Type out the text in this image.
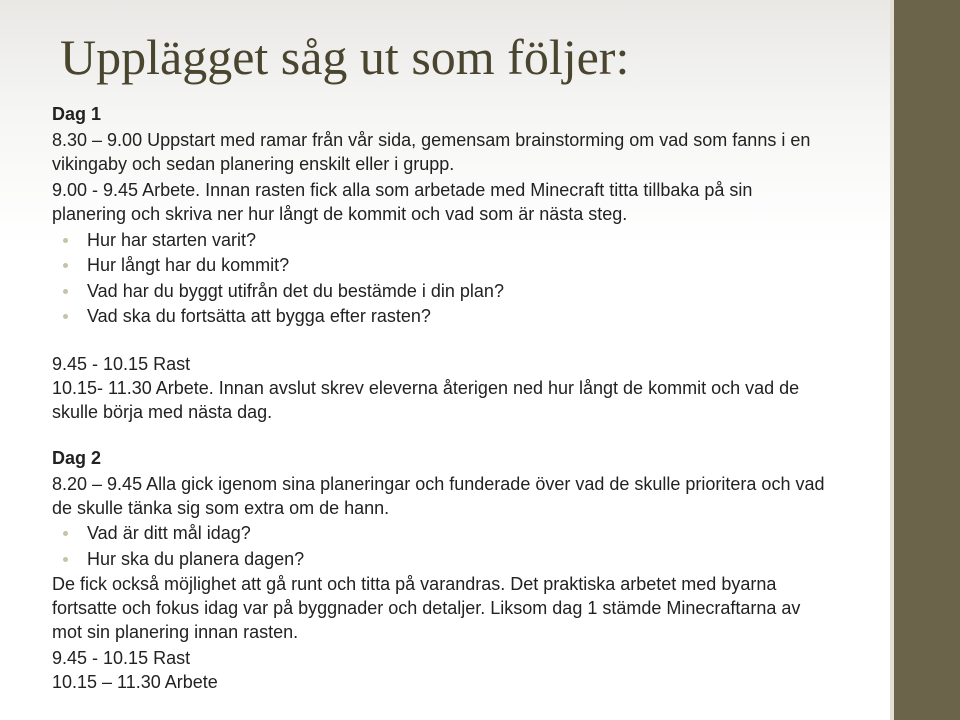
Upplägget såg ut som följer:

Dag 1

8.30 – 9.00 Uppstart med ramar från vår sida, gemensam brainstorming om vad som fanns i en

vikingaby och sedan planering enskilt eller i grupp.

9.00 - 9.45 Arbete. Innan rasten fick alla som arbetade med Minecraft titta tillbaka på sin

planering och skriva ner hur långt de kommit och vad som är nästa steg.

Hur har starten varit?
Hur långt har du kommit?
Vad har du byggt utifrån det du bestämde i din plan?
Vad ska du fortsätta att bygga efter rasten?

9.45 - 10.15 Rast

10.15- 11.30 Arbete. Innan avslut skrev eleverna återigen ned hur långt de kommit och vad de

skulle börja med nästa dag.

Dag 2

8.20 – 9.45 Alla gick igenom sina planeringar och funderade över vad de skulle prioritera och vad

de skulle tänka sig som extra om de hann.

Vad är ditt mål idag?
Hur ska du planera dagen?

De fick också möjlighet att gå runt och titta på varandras. Det praktiska arbetet med byarna

fortsatte och fokus idag var på byggnader och detaljer. Liksom dag 1 stämde Minecraftarna av

mot sin planering innan rasten.

9.45 - 10.15 Rast

10.15 – 11.30 Arbete
